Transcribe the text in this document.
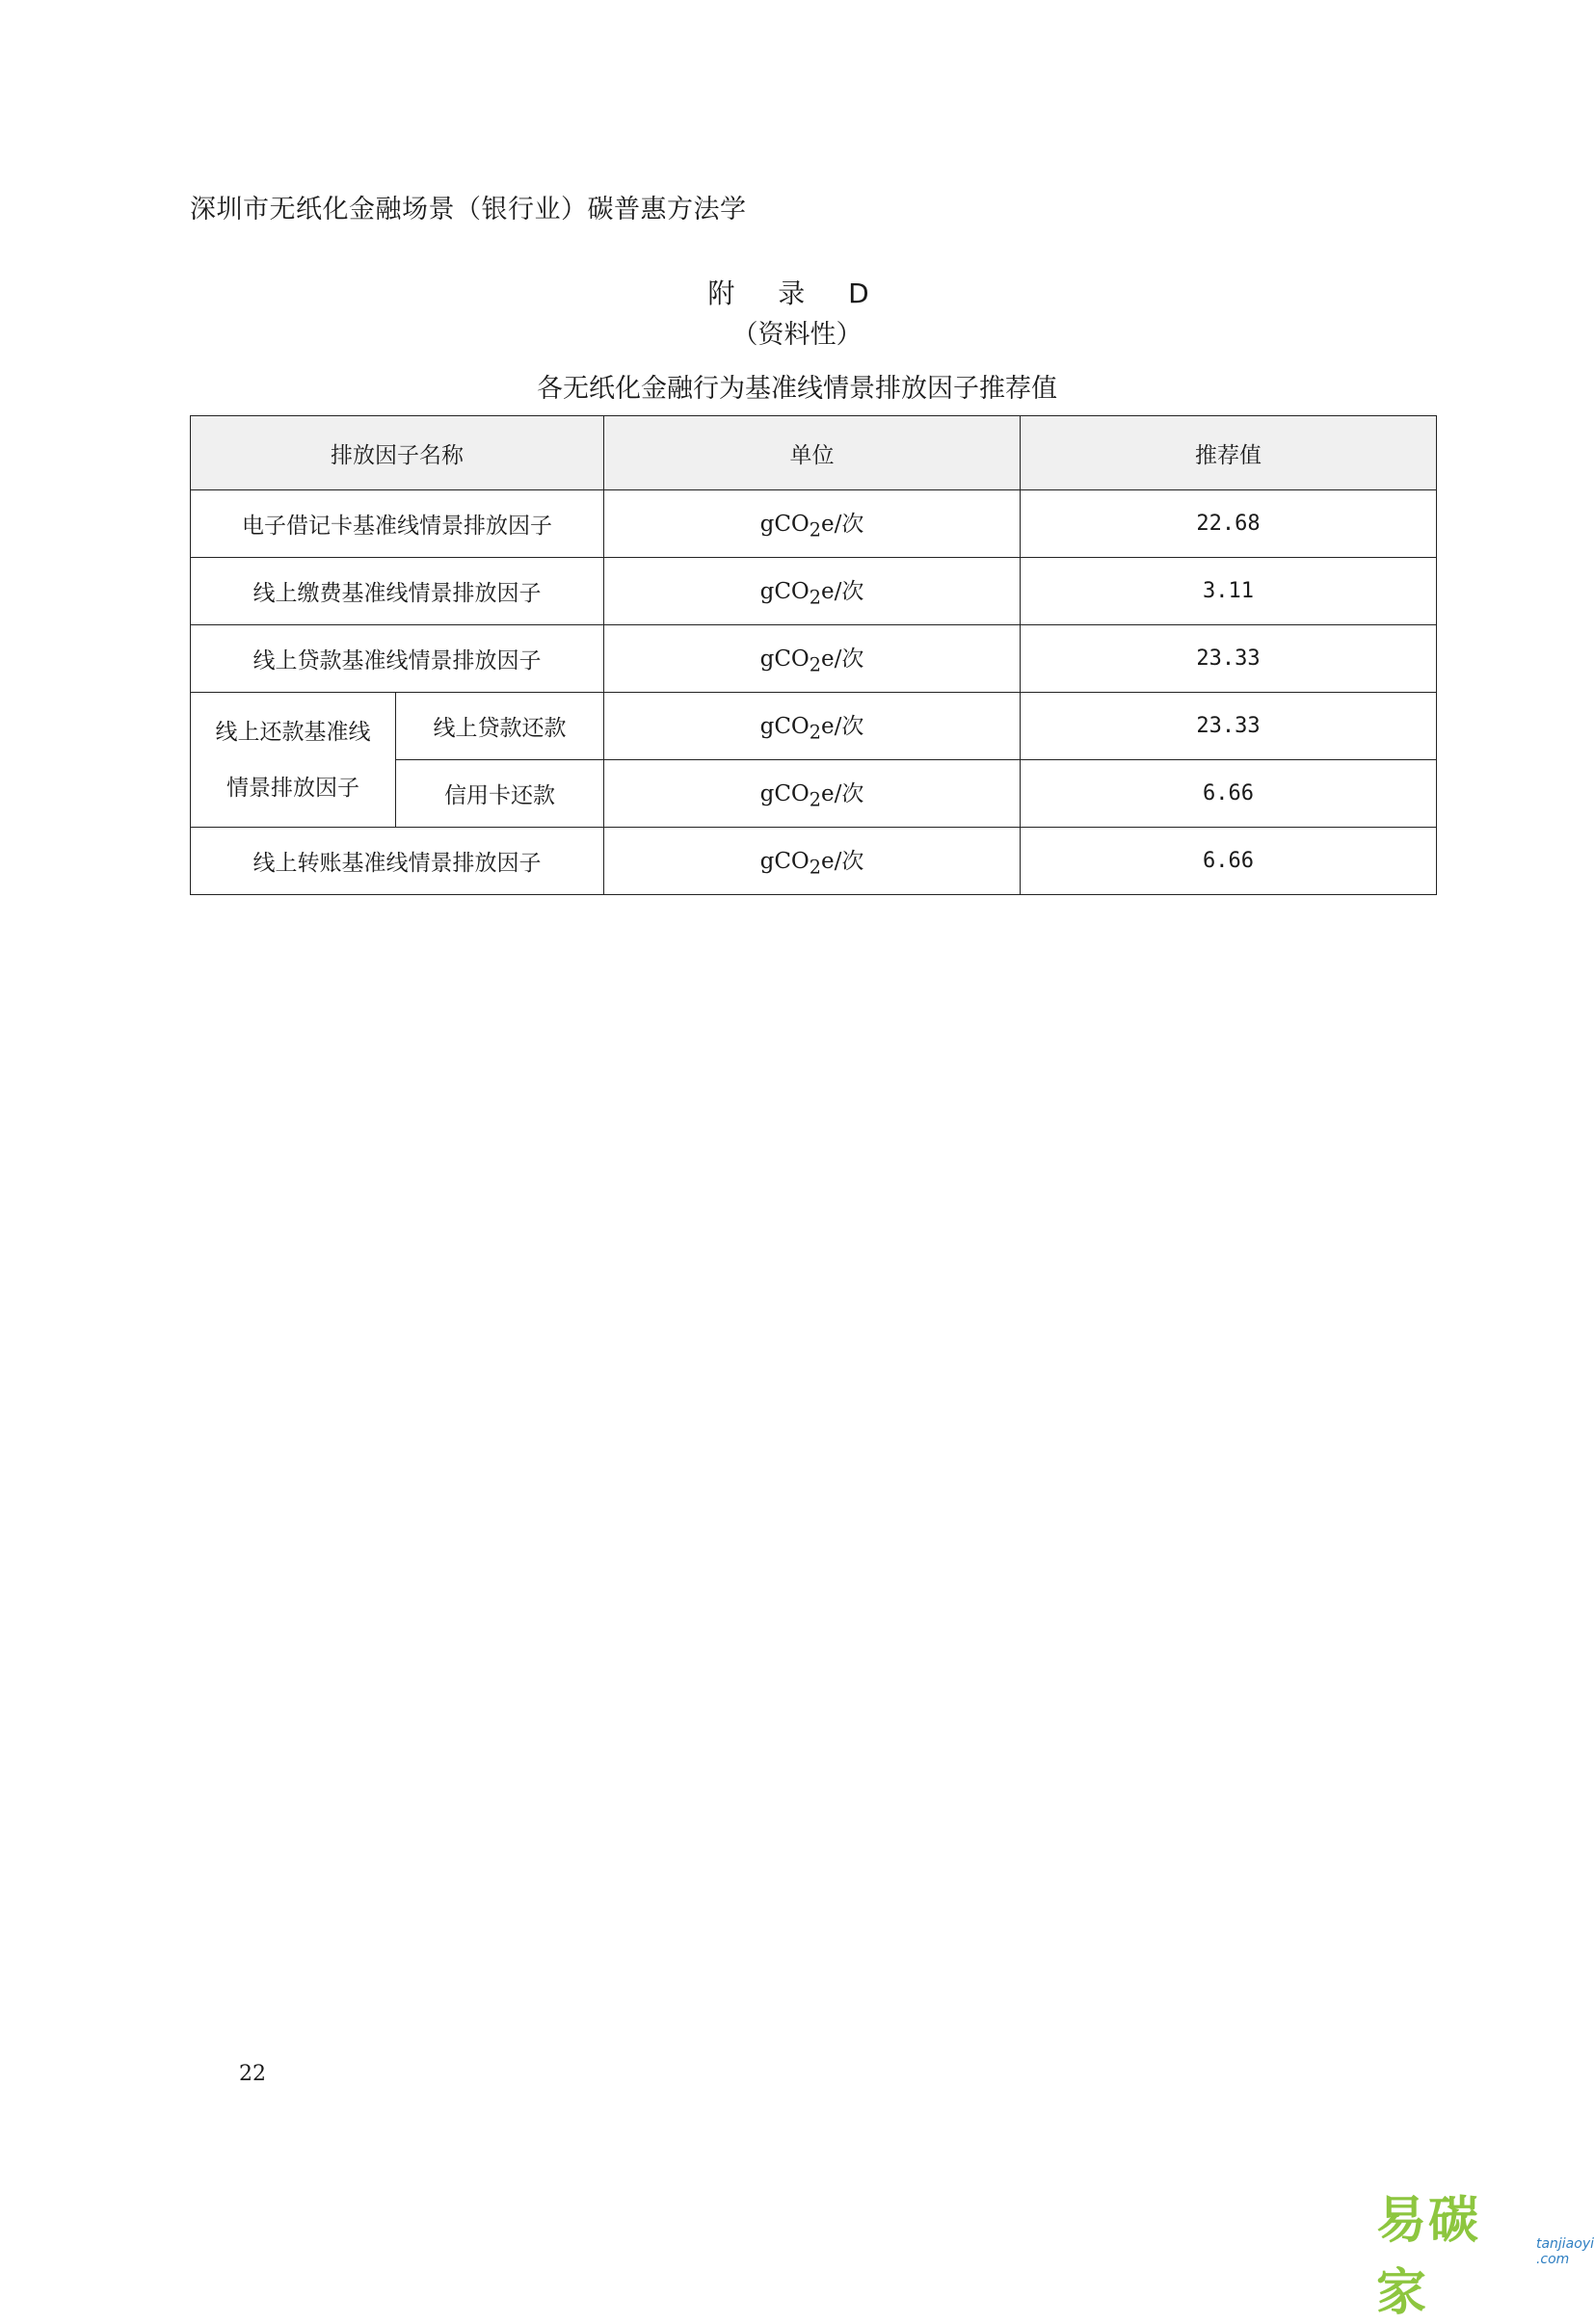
深圳市无纸化金融场景（银行业）碳普惠方法学
附 录 D
（资料性）
各无纸化金融行为基准线情景排放因子推荐值
排放因子名称		单位	推荐值
电子借记卡基准线情景排放因子		gCO$_2$e/次	22.68
线上缴费基准线情景排放因子		gCO$_2$e/次	3.11
线上贷款基准线情景排放因子		gCO$_2$e/次	23.33

线上还款基准线
情景排放因子	线上贷款还款	gCO$_2$e/次	23.33
	信用卡还款	gCO$_2$e/次	6.66
线上转账基准线情景排放因子		gCO$_2$e/次	6.66
22
易碳家
tanjiaoyi
.com
